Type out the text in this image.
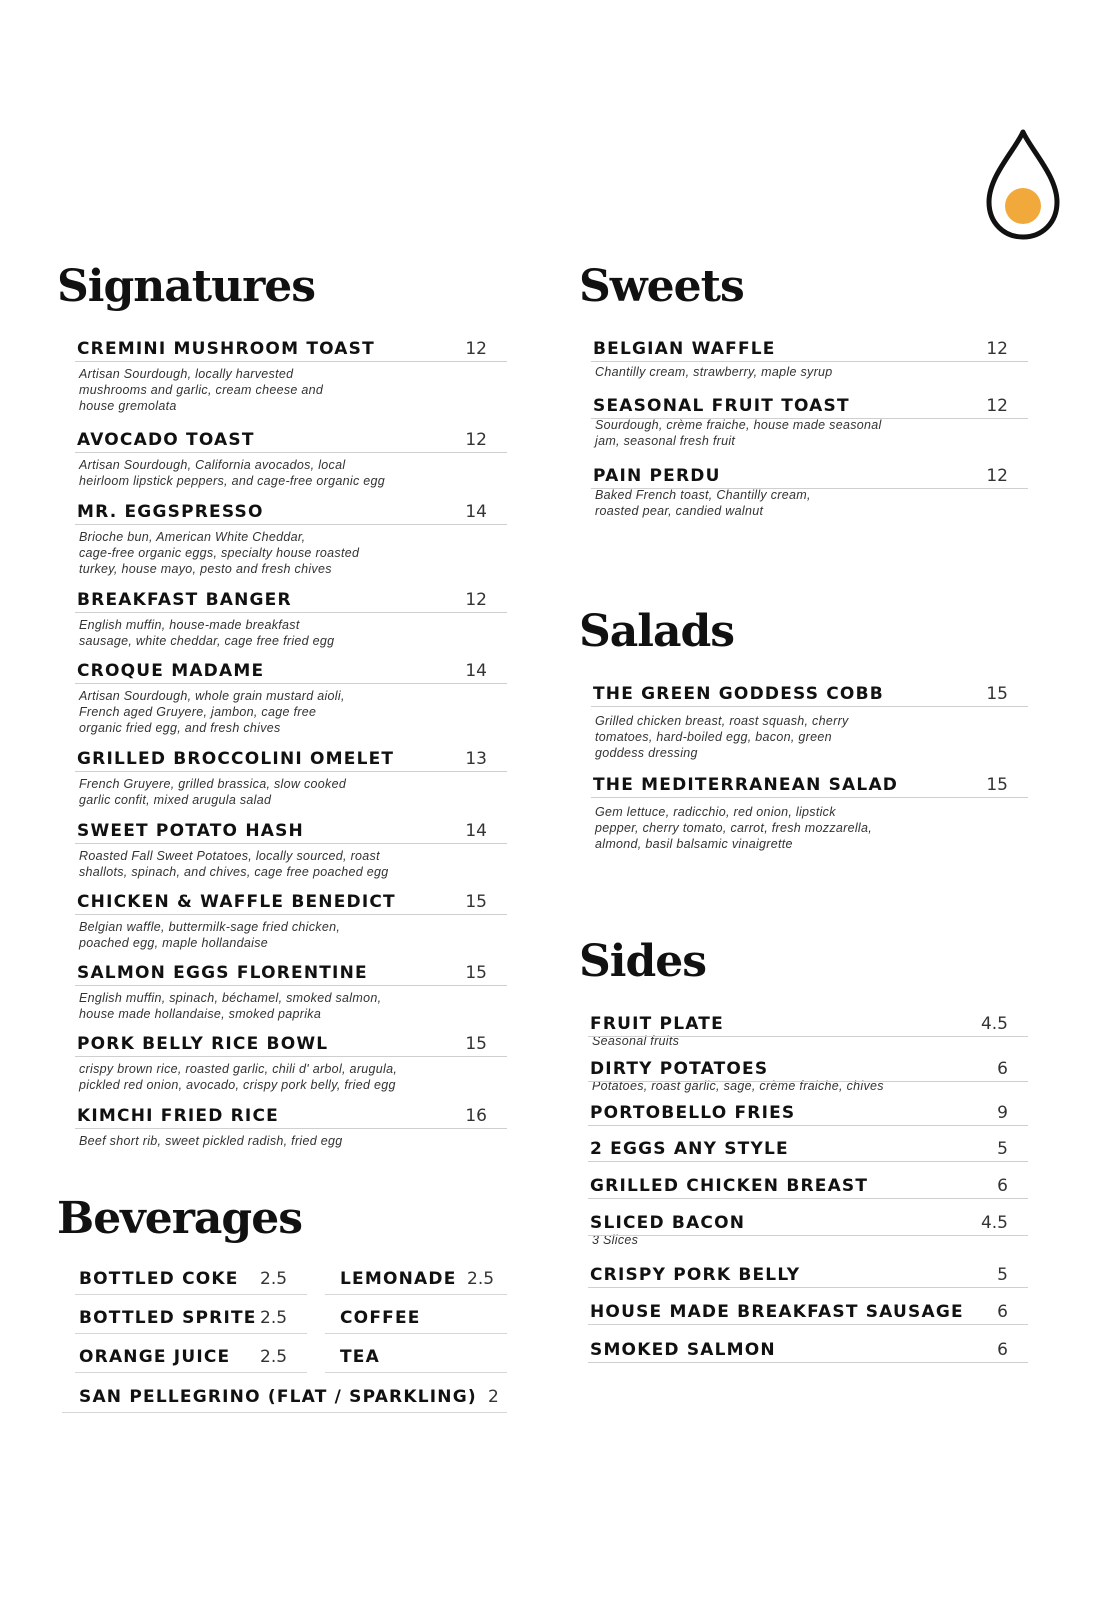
Signatures	Sweets
Salads
Sides
Beverages
CREMINI MUSHROOM TOAST	12
Artisan Sourdough, locally harvested
mushrooms and garlic, cream cheese and
house gremolata
AVOCADO TOAST	12
Artisan Sourdough, California avocados, local
heirloom lipstick peppers, and cage-free organic egg
MR. EGGSPRESSO	14
Brioche bun, American White Cheddar,
cage-free organic eggs, specialty house roasted
turkey, house mayo, pesto and fresh chives
BREAKFAST BANGER	12
English muffin, house-made breakfast
sausage, white cheddar, cage free fried egg
CROQUE MADAME	14
Artisan Sourdough, whole grain mustard aioli,
French aged Gruyere, jambon, cage free
organic fried egg, and fresh chives
GRILLED BROCCOLINI OMELET	13
French Gruyere, grilled brassica, slow cooked
garlic confit, mixed arugula salad
SWEET POTATO HASH	14
Roasted Fall Sweet Potatoes, locally sourced, roast
shallots, spinach, and chives, cage free poached egg
CHICKEN & WAFFLE BENEDICT	15
Belgian waffle, buttermilk-sage fried chicken,
poached egg, maple hollandaise
SALMON EGGS FLORENTINE	15
English muffin, spinach, béchamel, smoked salmon,
house made hollandaise, smoked paprika
PORK BELLY RICE BOWL	15
crispy brown rice, roasted garlic, chili d' arbol, arugula,
pickled red onion, avocado, crispy pork belly, fried egg
KIMCHI FRIED RICE	16
Beef short rib, sweet pickled radish, fried egg
BELGIAN WAFFLE	12
Chantilly cream, strawberry, maple syrup
SEASONAL FRUIT TOAST	12
Sourdough, crème fraiche, house made seasonal
jam, seasonal fresh fruit
PAIN PERDU	12
Baked French toast, Chantilly cream,
roasted pear, candied walnut
THE GREEN GODDESS COBB	15
Grilled chicken breast, roast squash, cherry
tomatoes, hard-boiled egg, bacon, green
goddess dressing
THE MEDITERRANEAN SALAD	15
Gem lettuce, radicchio, red onion, lipstick
pepper, cherry tomato, carrot, fresh mozzarella,
almond, basil balsamic vinaigrette
FRUIT PLATE	4.5
Seasonal fruits
DIRTY POTATOES	6
Potatoes, roast garlic, sage, crème fraiche, chives
PORTOBELLO FRIES	9
2 EGGS ANY STYLE	5
GRILLED CHICKEN BREAST	6
SLICED BACON	4.5
3 Slices
CRISPY PORK BELLY	5
HOUSE MADE BREAKFAST SAUSAGE 6
SMOKED SALMON	6
BOTTLED COKE 2.5	LEMONADE 2.5
BOTTLED SPRITE 2.5	COFFEE
ORANGE JUICE 2.5	TEA
SAN PELLEGRINO (FLAT / SPARKLING) 2
